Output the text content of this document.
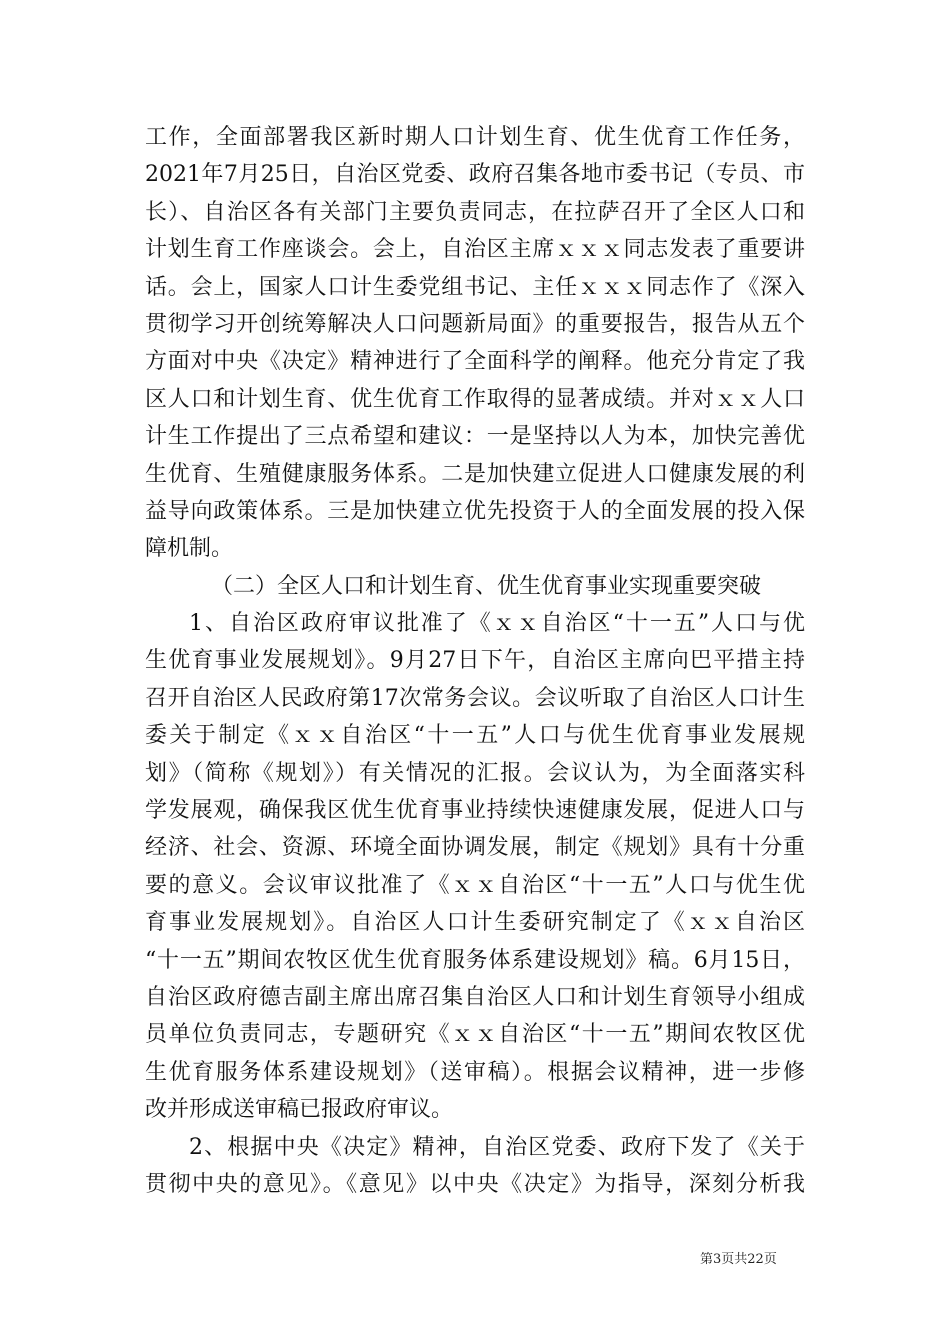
工作，全面部署我区新时期人口计划生育、优生优育工作任务，
2021年7月25日，自治区党委、政府召集各地市委书记（专员、市
长）、自治区各有关部门主要负责同志，在拉萨召开了全区人口和
计划生育工作座谈会。会上，自治区主席ｘｘｘ同志发表了重要讲
话。会上，国家人口计生委党组书记、主任ｘｘｘ同志作了《深入
贯彻学习开创统筹解决人口问题新局面》的重要报告，报告从五个
方面对中央《决定》精神进行了全面科学的阐释。他充分肯定了我
区人口和计划生育、优生优育工作取得的显著成绩。并对ｘｘ人口
计生工作提出了三点希望和建议：一是坚持以人为本，加快完善优
生优育、生殖健康服务体系。二是加快建立促进人口健康发展的利
益导向政策体系。三是加快建立优先投资于人的全面发展的投入保
障机制。
（二）全区人口和计划生育、优生优育事业实现重要突破
1、自治区政府审议批准了《ｘｘ自治区“十一五”人口与优
生优育事业发展规划》。9月27日下午，自治区主席向巴平措主持
召开自治区人民政府第17次常务会议。会议听取了自治区人口计生
委关于制定《ｘｘ自治区“十一五”人口与优生优育事业发展规
划》（简称《规划》）有关情况的汇报。会议认为，为全面落实科
学发展观，确保我区优生优育事业持续快速健康发展，促进人口与
经济、社会、资源、环境全面协调发展，制定《规划》具有十分重
要的意义。会议审议批准了《ｘｘ自治区“十一五”人口与优生优
育事业发展规划》。自治区人口计生委研究制定了《ｘｘ自治区
“十一五”期间农牧区优生优育服务体系建设规划》稿。6月15日，
自治区政府德吉副主席出席召集自治区人口和计划生育领导小组成
员单位负责同志，专题研究《ｘｘ自治区“十一五”期间农牧区优
生优育服务体系建设规划》（送审稿）。根据会议精神，进一步修
改并形成送审稿已报政府审议。
2、根据中央《决定》精神，自治区党委、政府下发了《关于
贯彻中央的意见》。《意见》以中央《决定》为指导，深刻分析我
第3页共22页
